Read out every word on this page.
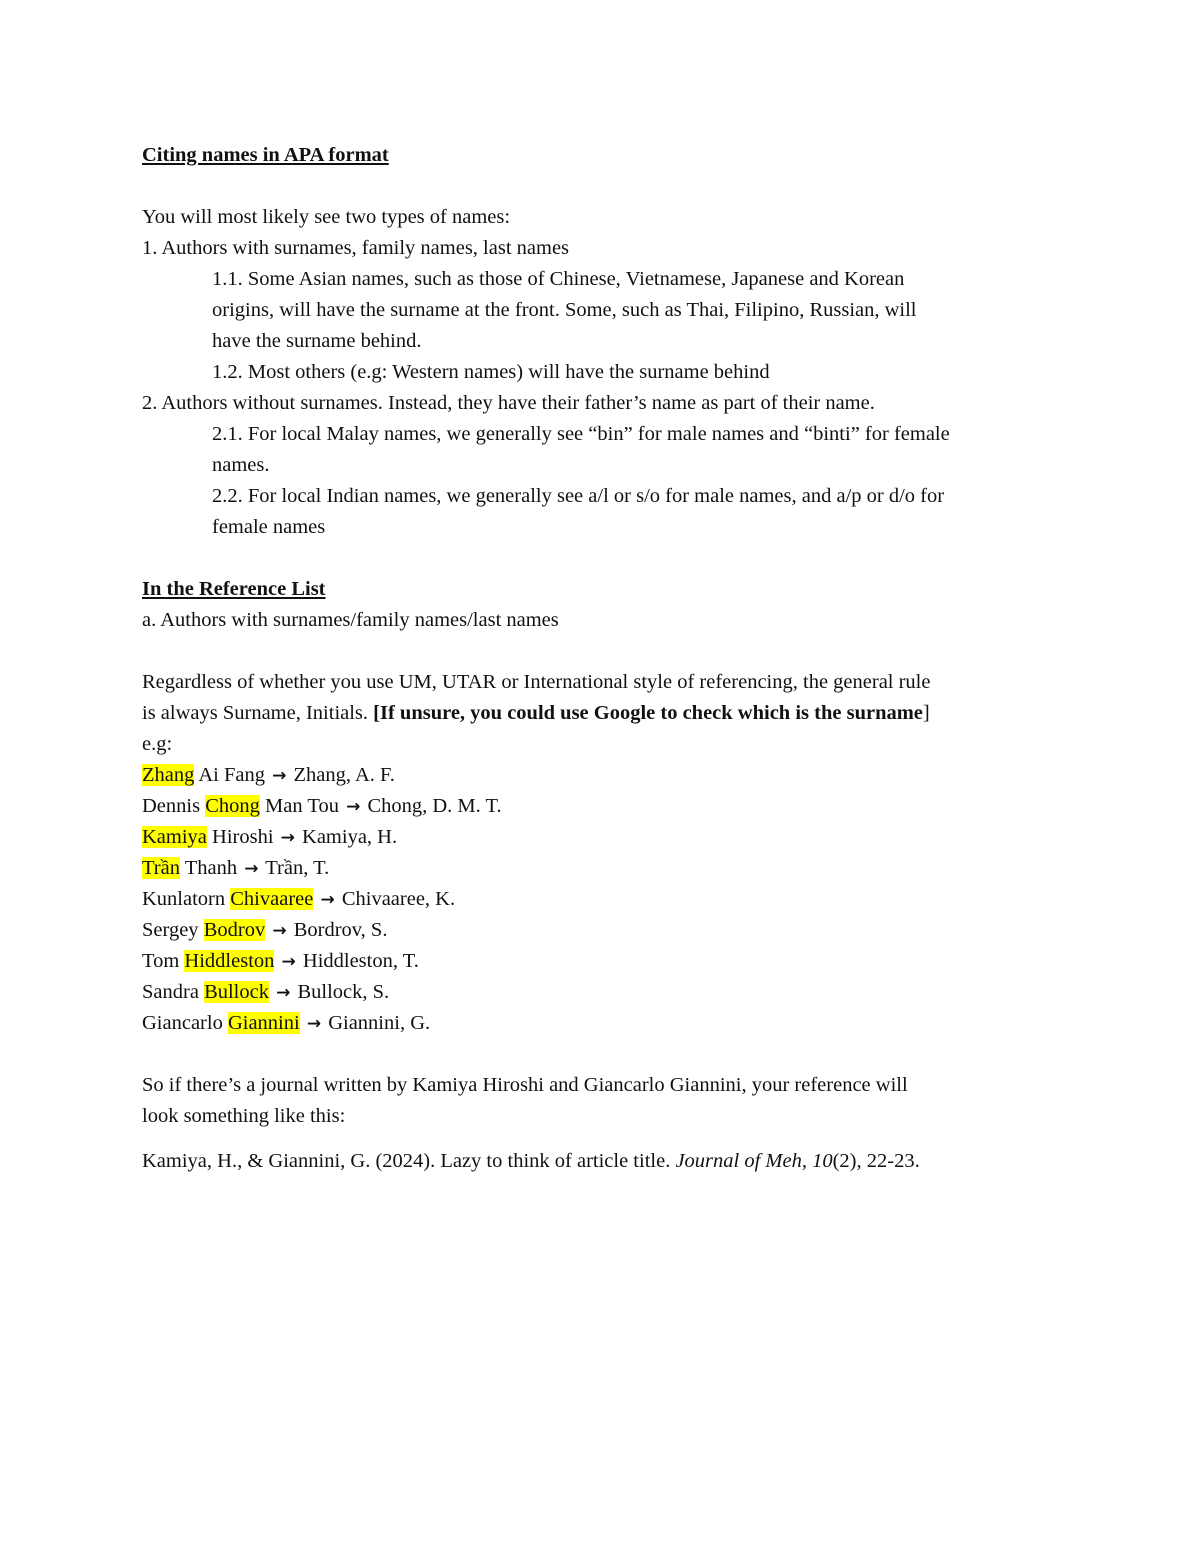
Citing names in APA format
You will most likely see two types of names:
1. Authors with surnames, family names, last names
1.1. Some Asian names, such as those of Chinese, Vietnamese, Japanese and Korean
origins, will have the surname at the front. Some, such as Thai, Filipino, Russian, will
have the surname behind.
1.2. Most others (e.g: Western names) will have the surname behind
2. Authors without surnames. Instead, they have their father’s name as part of their name.
2.1. For local Malay names, we generally see “bin” for male names and “binti” for female
names.
2.2. For local Indian names, we generally see a/l or s/o for male names, and a/p or d/o for
female names
In the Reference List
a. Authors with surnames/family names/last names
Regardless of whether you use UM, UTAR or International style of referencing, the general rule
is always Surname, Initials. [If unsure, you could use Google to check which is the surname]
e.g:
Zhang Ai Fang → Zhang, A. F.
Dennis Chong Man Tou → Chong, D. M. T.
Kamiya Hiroshi → Kamiya, H.
Trần Thanh → Trần, T.
Kunlatorn Chivaaree → Chivaaree, K.
Sergey Bodrov → Bordrov, S.
Tom Hiddleston → Hiddleston, T.
Sandra Bullock → Bullock, S.
Giancarlo Giannini → Giannini, G.
So if there’s a journal written by Kamiya Hiroshi and Giancarlo Giannini, your reference will
look something like this:
Kamiya, H., & Giannini, G. (2024). Lazy to think of article title. Journal of Meh, 10(2), 22-23.
